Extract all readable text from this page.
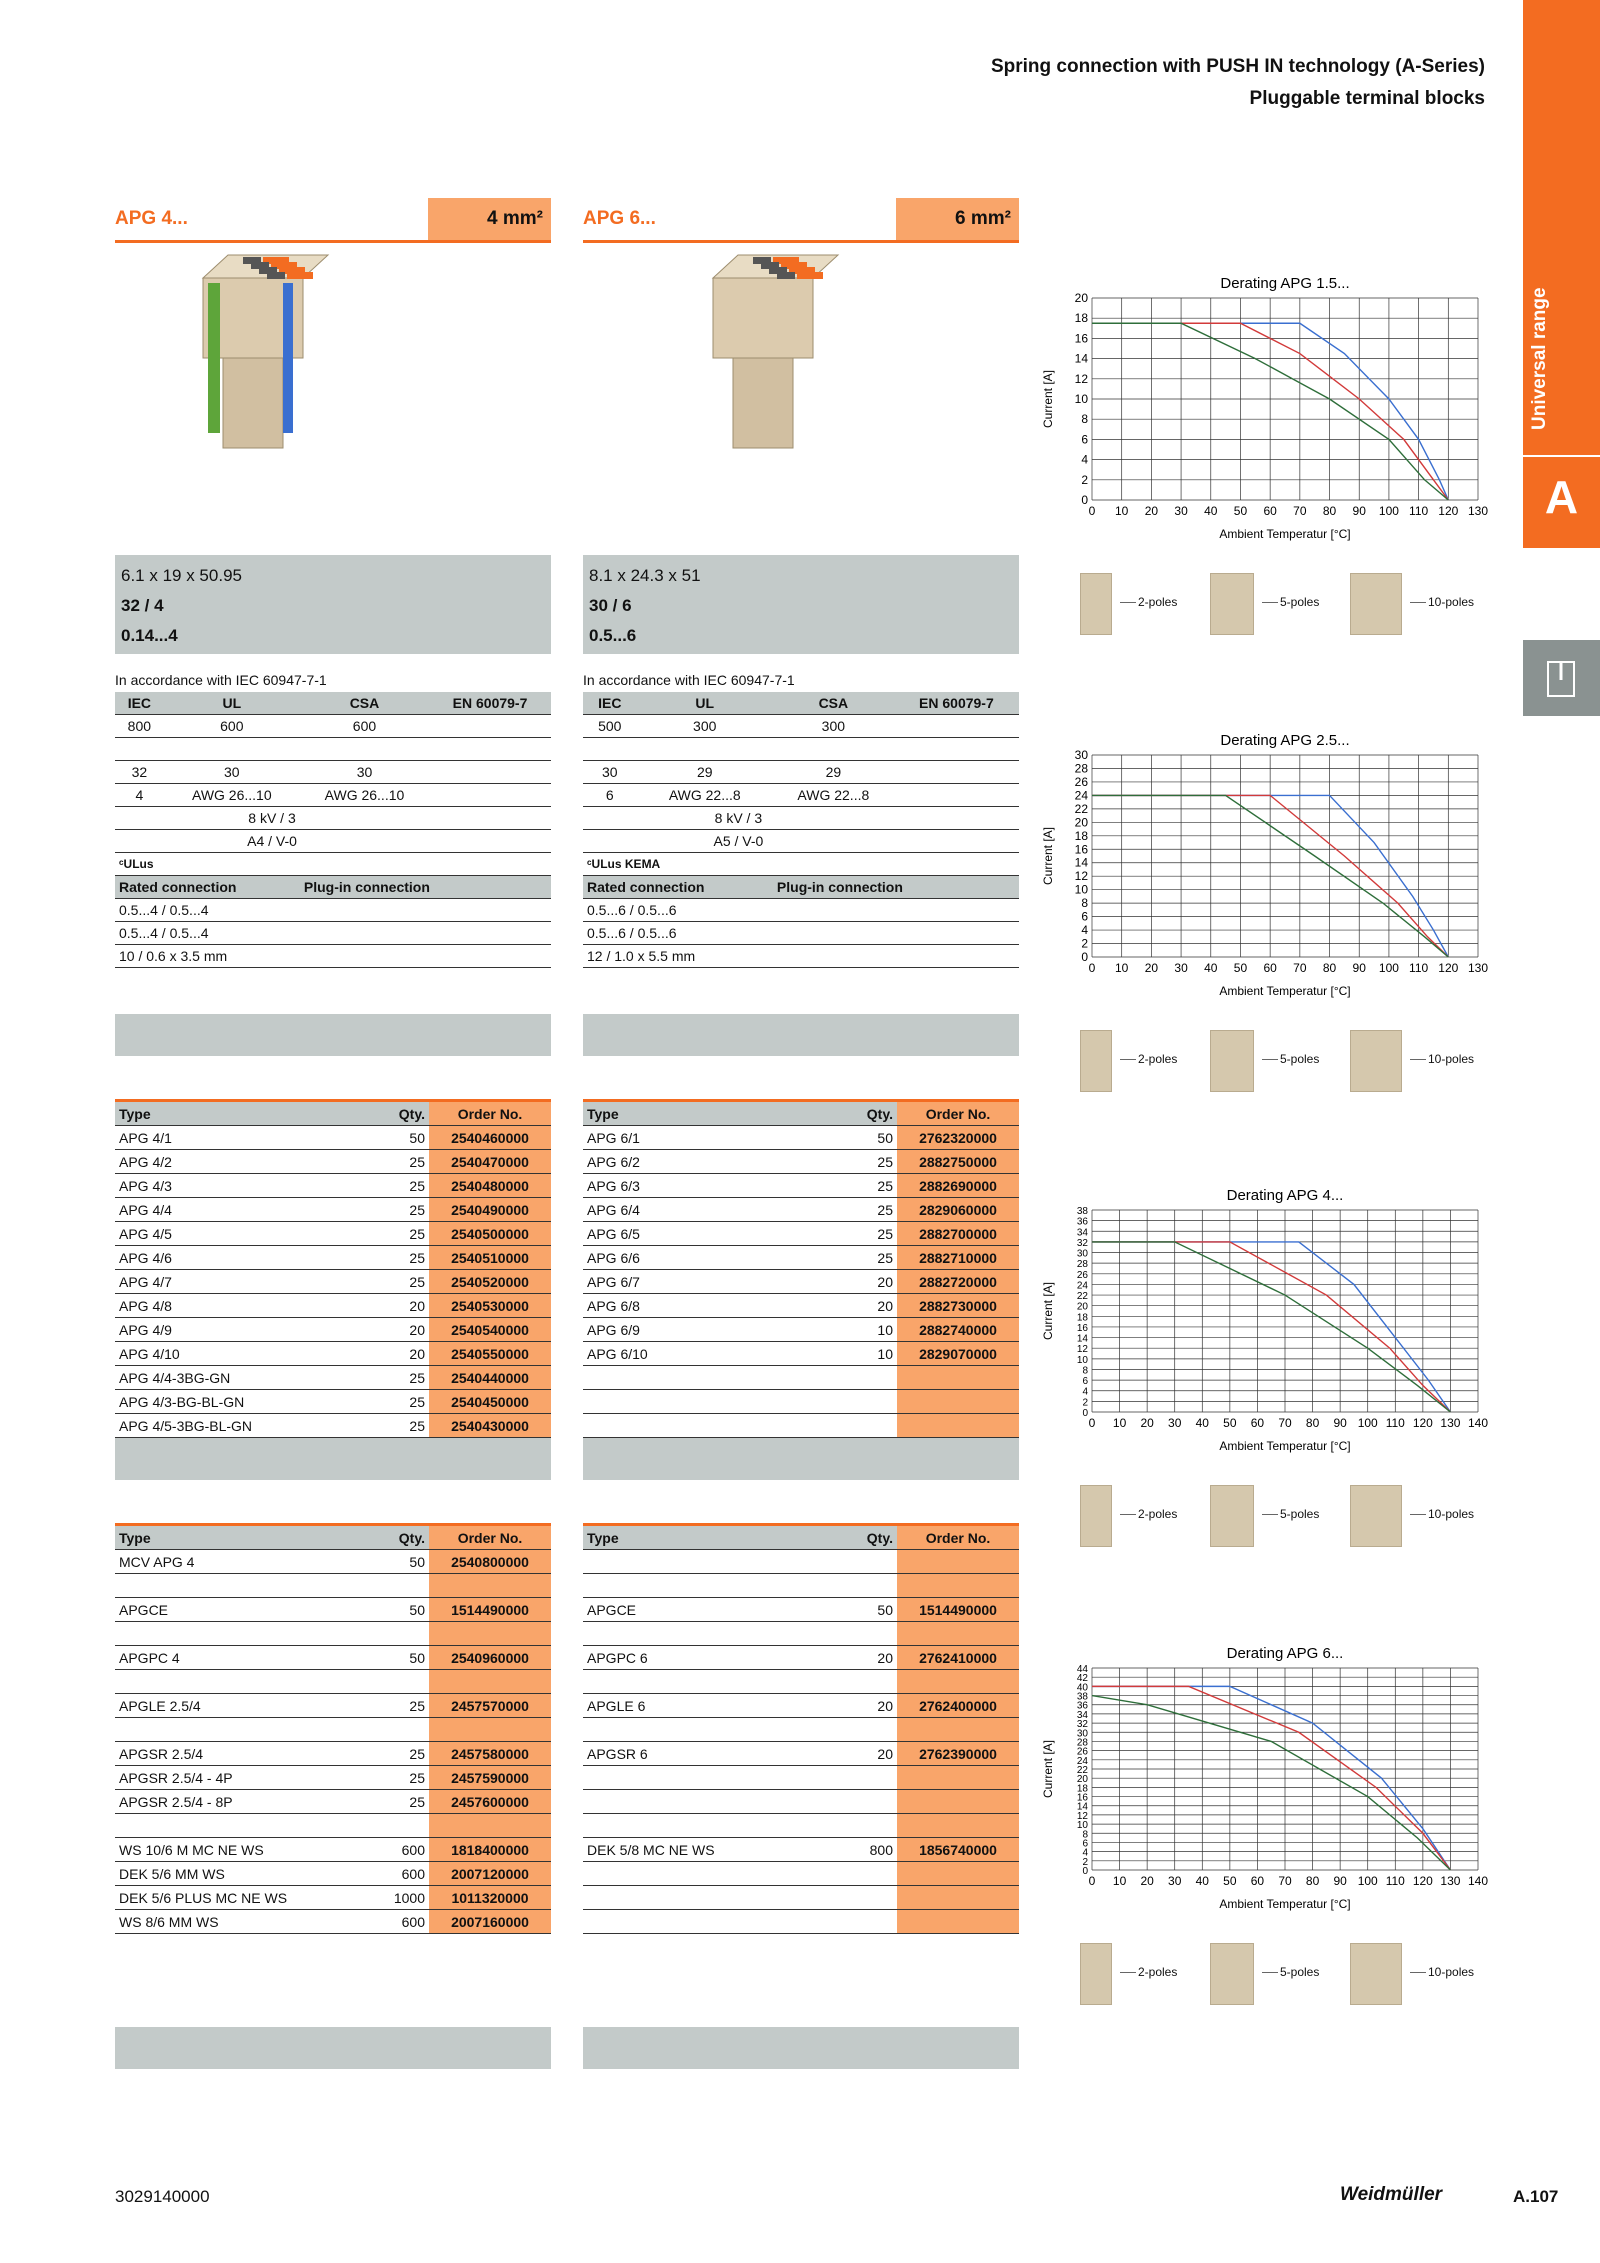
Spring connection with PUSH IN technology (A-Series)
Pluggable terminal blocks
Universal range
A
APG 4...	4 mm²
6.1 x 19 x 50.95
32 / 4
0.14...4
In accordance with IEC 60947-7-1
IEC	UL	CSA	EN 60079-7
800	600	600	

32	30	30	
4	AWG 26...10	AWG 26...10	
8 kV / 3			
A4 / V-0			
ᶜULus			
Rated connection		Plug-in connection	
0.5...4 / 0.5...4			
0.5...4 / 0.5...4			
10 / 0.6 x 3.5 mm			
Type	Qty.	Order No.
APG 4/1	50	2540460000
APG 4/2	25	2540470000
APG 4/3	25	2540480000
APG 4/4	25	2540490000
APG 4/5	25	2540500000
APG 4/6	25	2540510000
APG 4/7	25	2540520000
APG 4/8	20	2540530000
APG 4/9	20	2540540000
APG 4/10	20	2540550000
APG 4/4-3BG-GN	25	2540440000
APG 4/3-BG-BL-GN	25	2540450000
APG 4/5-3BG-BL-GN	25	2540430000
Type	Qty.	Order No.
MCV APG 4	50	2540800000

APGCE	50	1514490000

APGPC 4	50	2540960000

APGLE 2.5/4	25	2457570000

APGSR 2.5/4	25	2457580000
APGSR 2.5/4 - 4P	25	2457590000
APGSR 2.5/4 - 8P	25	2457600000

WS 10/6 M MC NE WS	600	1818400000
DEK 5/6 MM WS	600	2007120000
DEK 5/6 PLUS MC NE WS	1000	1011320000
WS 8/6 MM WS	600	2007160000
APG 6...	6 mm²
8.1 x 24.3 x 51
30 / 6
0.5...6
In accordance with IEC 60947-7-1
IEC	UL	CSA	EN 60079-7
500	300	300	

30	29	29	
6	AWG 22...8	AWG 22...8	
8 kV / 3			
A5 / V-0			
ᶜULus KEMA			
Rated connection		Plug-in connection	
0.5...6 / 0.5...6			
0.5...6 / 0.5...6			
12 / 1.0 x 5.5 mm			
Type	Qty.	Order No.
APG 6/1	50	2762320000
APG 6/2	25	2882750000
APG 6/3	25	2882690000
APG 6/4	25	2829060000
APG 6/5	25	2882700000
APG 6/6	25	2882710000
APG 6/7	20	2882720000
APG 6/8	20	2882730000
APG 6/9	10	2882740000
APG 6/10	10	2829070000

Type	Qty.	Order No.

APGCE	50	1514490000

APGPC 6	20	2762410000

APGLE 6	20	2762400000

APGSR 6	20	2762390000

DEK 5/8 MC NE WS	800	1856740000

Derating APG 1.5...
0 10 20 30 40 50 60 70 80 90 100 110 120 130
0
2
4
6
8
10
12
14
16
18
20
Ambient Temperatur [°C]
Current [A]
2-poles	5-poles	10-poles
Derating APG 2.5...
0 10 20 30 40 50 60 70 80 90 100 110 120 130
0
2
4
6
8
10
12
14
16
18
20
22
24
26
28
30
Ambient Temperatur [°C]
Current [A]
2-poles	5-poles	10-poles
Derating APG 4...
0 10 20 30 40 50 60 70 80 90 100 110 120 130 140
0
2
4
6
8
10
12
14
16
18
20
22
24
26
28
30
32
34
36
38
Ambient Temperatur [°C]
Current [A]
2-poles	5-poles	10-poles
Derating APG 6...
0 10 20 30 40 50 60 70 80 90 100 110 120 130 140
0
2
4
6
8
10
12
14
16
18
20
22
24
26
28
30
32
34
36
38
40
42
44
Ambient Temperatur [°C]
Current [A]
2-poles	5-poles	10-poles
3029140000	Weidmüller	A.107
